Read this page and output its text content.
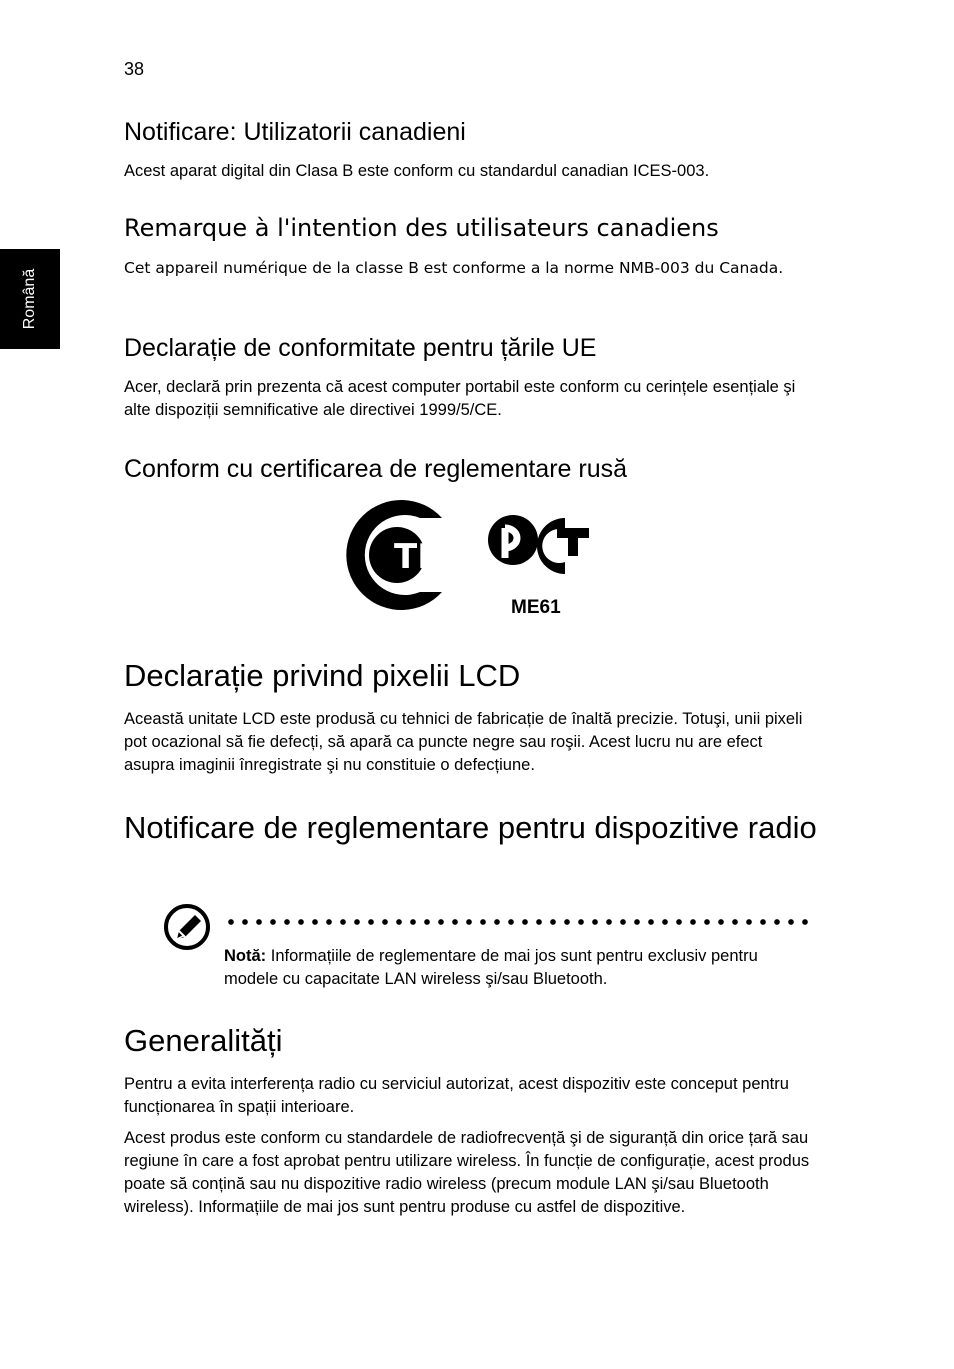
38
Română
Notificare: Utilizatorii canadieni
Acest aparat digital din Clasa B este conform cu standardul canadian ICES-003.
Remarque à l'intention des utilisateurs canadiens
Cet appareil numérique de la classe B est conforme a la norme NMB-003 du Canada.
Declarație de conformitate pentru țările UE
Acer, declară prin prezenta că acest computer portabil este conform cu cerințele esențiale şi alte dispoziții semnificative ale directivei 1999/5/CE.
Conform cu certificarea de reglementare rusă
ТР
ME61
Declarație privind pixelii LCD
Această unitate LCD este produsă cu tehnici de fabricație de înaltă precizie. Totuşi, unii pixeli pot ocazional să fie defecți, să apară ca puncte negre sau roşii. Acest lucru nu are efect asupra imaginii înregistrate şi nu constituie o defecțiune.
Notificare de reglementare pentru dispozitive radio
Notă: Informațiile de reglementare de mai jos sunt pentru exclusiv pentru modele cu capacitate LAN wireless şi/sau Bluetooth.
Generalități
Pentru a evita interferența radio cu serviciul autorizat, acest dispozitiv este conceput pentru funcționarea în spații interioare.
Acest produs este conform cu standardele de radiofrecvență şi de siguranță din orice țară sau regiune în care a fost aprobat pentru utilizare wireless. În funcție de configurație, acest produs poate să conțină sau nu dispozitive radio wireless (precum module LAN şi/sau Bluetooth wireless). Informațiile de mai jos sunt pentru produse cu astfel de dispozitive.
